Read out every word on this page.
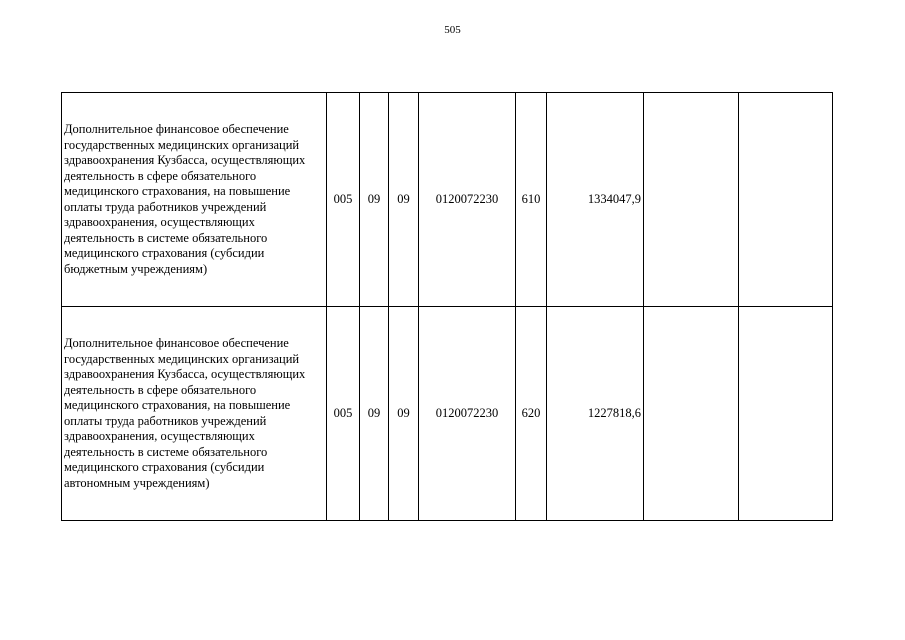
505
Дополнительное финансовое обеспечение государственных медицинских организаций здравоохранения Кузбасса, осуществляющих деятельность в сфере обязательного медицинского страхования, на повышение оплаты труда работников учреждений здравоохранения, осуществляющих деятельность в системе обязательного медицинского страхования (субсидии бюджетным учреждениям)	005	09	09	0120072230	610	1334047,9		
Дополнительное финансовое обеспечение государственных медицинских организаций здравоохранения Кузбасса, осуществляющих деятельность в сфере обязательного медицинского страхования, на повышение оплаты труда работников учреждений здравоохранения, осуществляющих деятельность в системе обязательного медицинского страхования (субсидии автономным учреждениям)	005	09	09	0120072230	620	1227818,6		
